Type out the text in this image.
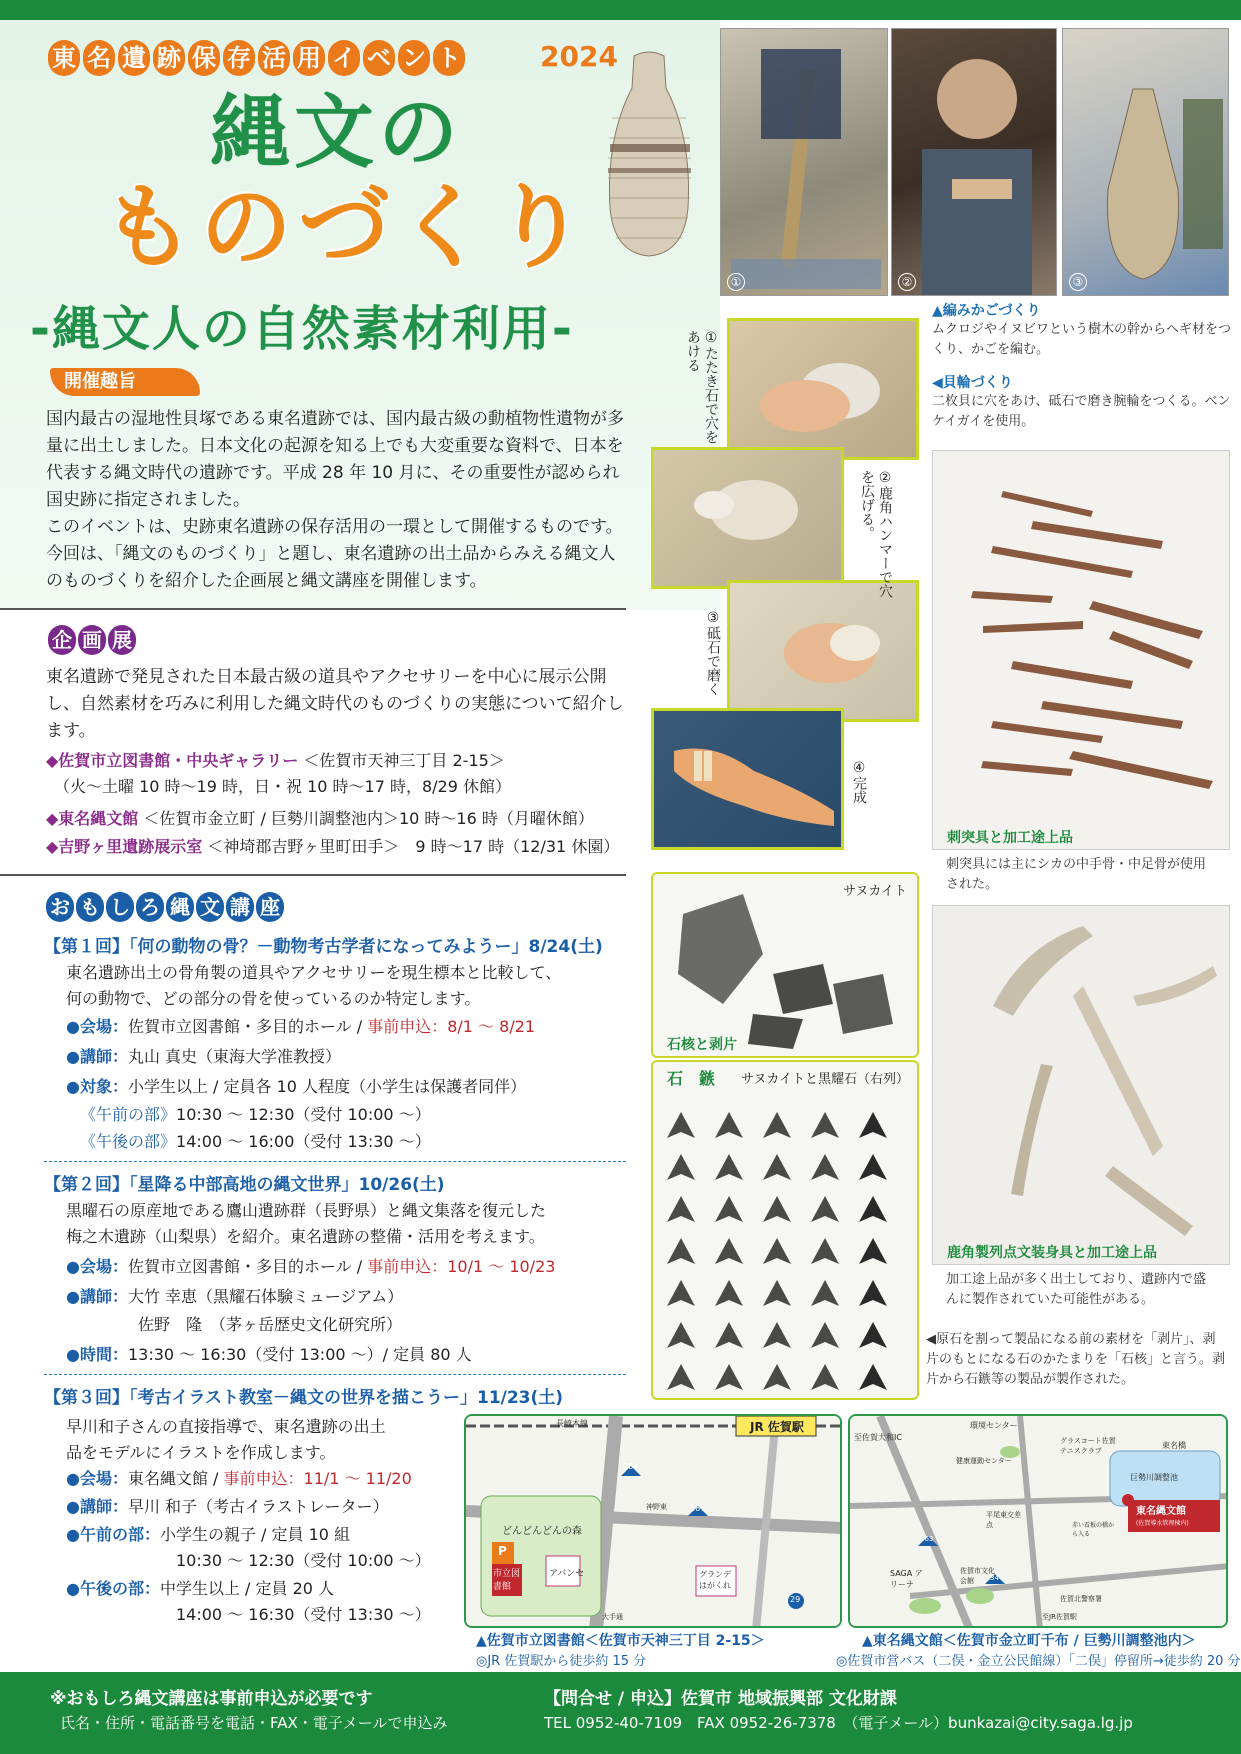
東 名 遺 跡 保 存 活 用 イ ベ ン ト	2024
縄文の
ものづくり
-縄文人の自然素材利用-
①	②	③
▲編みかごづくり
ムクロジやイヌビワという樹木の幹からヘギ材をつくり、かごを編む。
◀貝輪づくり
二枚貝に穴をあけ、砥石で磨き腕輪をつくる。ベンケイガイを使用。
①たたき石で穴をあける
②鹿角ハンマーで穴を広げる。
③砥石で磨く
④完成
刺突具と加工途上品
刺突具には主にシカの中手骨・中足骨が使用された。
サヌカイト
石核と剥片
石　鏃 サヌカイトと黒耀石（右列）
鹿角製列点文装身具と加工途上品
加工途上品が多く出土しており、遺跡内で盛んに製作されていた可能性がある。
◀原石を割って製品になる前の素材を「剥片」、剥片のもとになる石のかたまりを「石核」と言う。剥片から石鏃等の製品が製作された。
開催趣旨
国内最古の湿地性貝塚である東名遺跡では、国内最古級の動植物性遺物が多量に出土しました。日本文化の起源を知る上でも大変重要な資料で、日本を代表する縄文時代の遺跡です。平成 28 年 10 月に、その重要性が認められ国史跡に指定されました。
このイベントは、史跡東名遺跡の保存活用の一環として開催するものです。今回は、「縄文のものづくり」と題し、東名遺跡の出土品からみえる縄文人のものづくりを紹介した企画展と縄文講座を開催します。
企 画 展
東名遺跡で発見された日本最古級の道具やアクセサリーを中心に展示公開し、自然素材を巧みに利用した縄文時代のものづくりの実態について紹介します。
◆佐賀市立図書館・中央ギャラリー ＜佐賀市天神三丁目 2-15＞
（火〜土曜 10 時〜19 時，日・祝 10 時〜17 時，8/29 休館）
◆東名縄文館 ＜佐賀市金立町 / 巨勢川調整池内＞10 時〜16 時（月曜休館）
◆吉野ヶ里遺跡展示室 ＜神埼郡吉野ヶ里町田手＞　9 時〜17 時（12/31 休園）
お も し ろ 縄 文 講 座
【第１回】「何の動物の骨？－動物考古学者になってみようー」8/24(土)
東名遺跡出土の骨角製の道具やアクセサリーを現生標本と比較して、
何の動物で、どの部分の骨を使っているのか特定します。
●会場：佐賀市立図書館・多目的ホール / 事前申込：8/1 〜 8/21
●講師：丸山 真史（東海大学准教授）
●対象：小学生以上 / 定員各 10 人程度（小学生は保護者同伴）
《午前の部》10:30 〜 12:30（受付 10:00 〜）
《午後の部》14:00 〜 16:00（受付 13:30 〜）
【第２回】「星降る中部高地の縄文世界」10/26(土)
黒曜石の原産地である鷹山遺跡群（長野県）と縄文集落を復元した
梅之木遺跡（山梨県）を紹介。東名遺跡の整備・活用を考えます。
●会場：佐賀市立図書館・多目的ホール / 事前申込：10/1 〜 10/23
●講師：大竹 幸恵（黒耀石体験ミュージアム）
佐野　隆　（茅ヶ岳歴史文化研究所）
●時間：13:30 〜 16:30（受付 13:00 〜）/ 定員 80 人
【第３回】「考古イラスト教室－縄文の世界を描こうー」11/23(土)
早川和子さんの直接指導で、東名遺跡の出土
品をモデルにイラストを作成します。
●会場：東名縄文館 / 事前申込：11/1 〜 11/20
●講師：早川 和子（考古イラストレーター）
●午前の部：小学生の親子 / 定員 10 組
10:30 〜 12:30（受付 10:00 〜）
●午後の部：中学生以上 / 定員 20 人
14:00 〜 16:30（受付 13:30 〜）
長崎本線	JR 佐賀駅
どんどんどんの森
P
市立図書館
アバンセ	グランデはがくれ
264
267
29
神野東
大手通
▲佐賀市立図書館＜佐賀市天神三丁目 2-15＞
◎JR 佐賀駅から徒歩約 15 分
至佐賀大和IC
環境センター
グラスコート佐賀テニスクラブ
健康運動センター
東名橋
巨勢川調整池
平尾東交差点	赤い看板の橋から入る
東名縄文館
(佐賀導水管理棟内)
SAGA アリーナ
佐賀市文化会館
佐賀北警察署
至JR佐賀駅
263
34
▲東名縄文館＜佐賀市金立町千布 / 巨勢川調整池内＞
◎佐賀市営バス（二俣・金立公民館線）「二俣」停留所→徒歩約 20 分
※おもしろ縄文講座は事前申込が必要です
氏名・住所・電話番号を電話・FAX・電子メールで申込み
【問合せ / 申込】佐賀市 地域振興部 文化財課
TEL 0952-40-7109　FAX 0952-26-7378　（電子メール）bunkazai@city.saga.lg.jp
